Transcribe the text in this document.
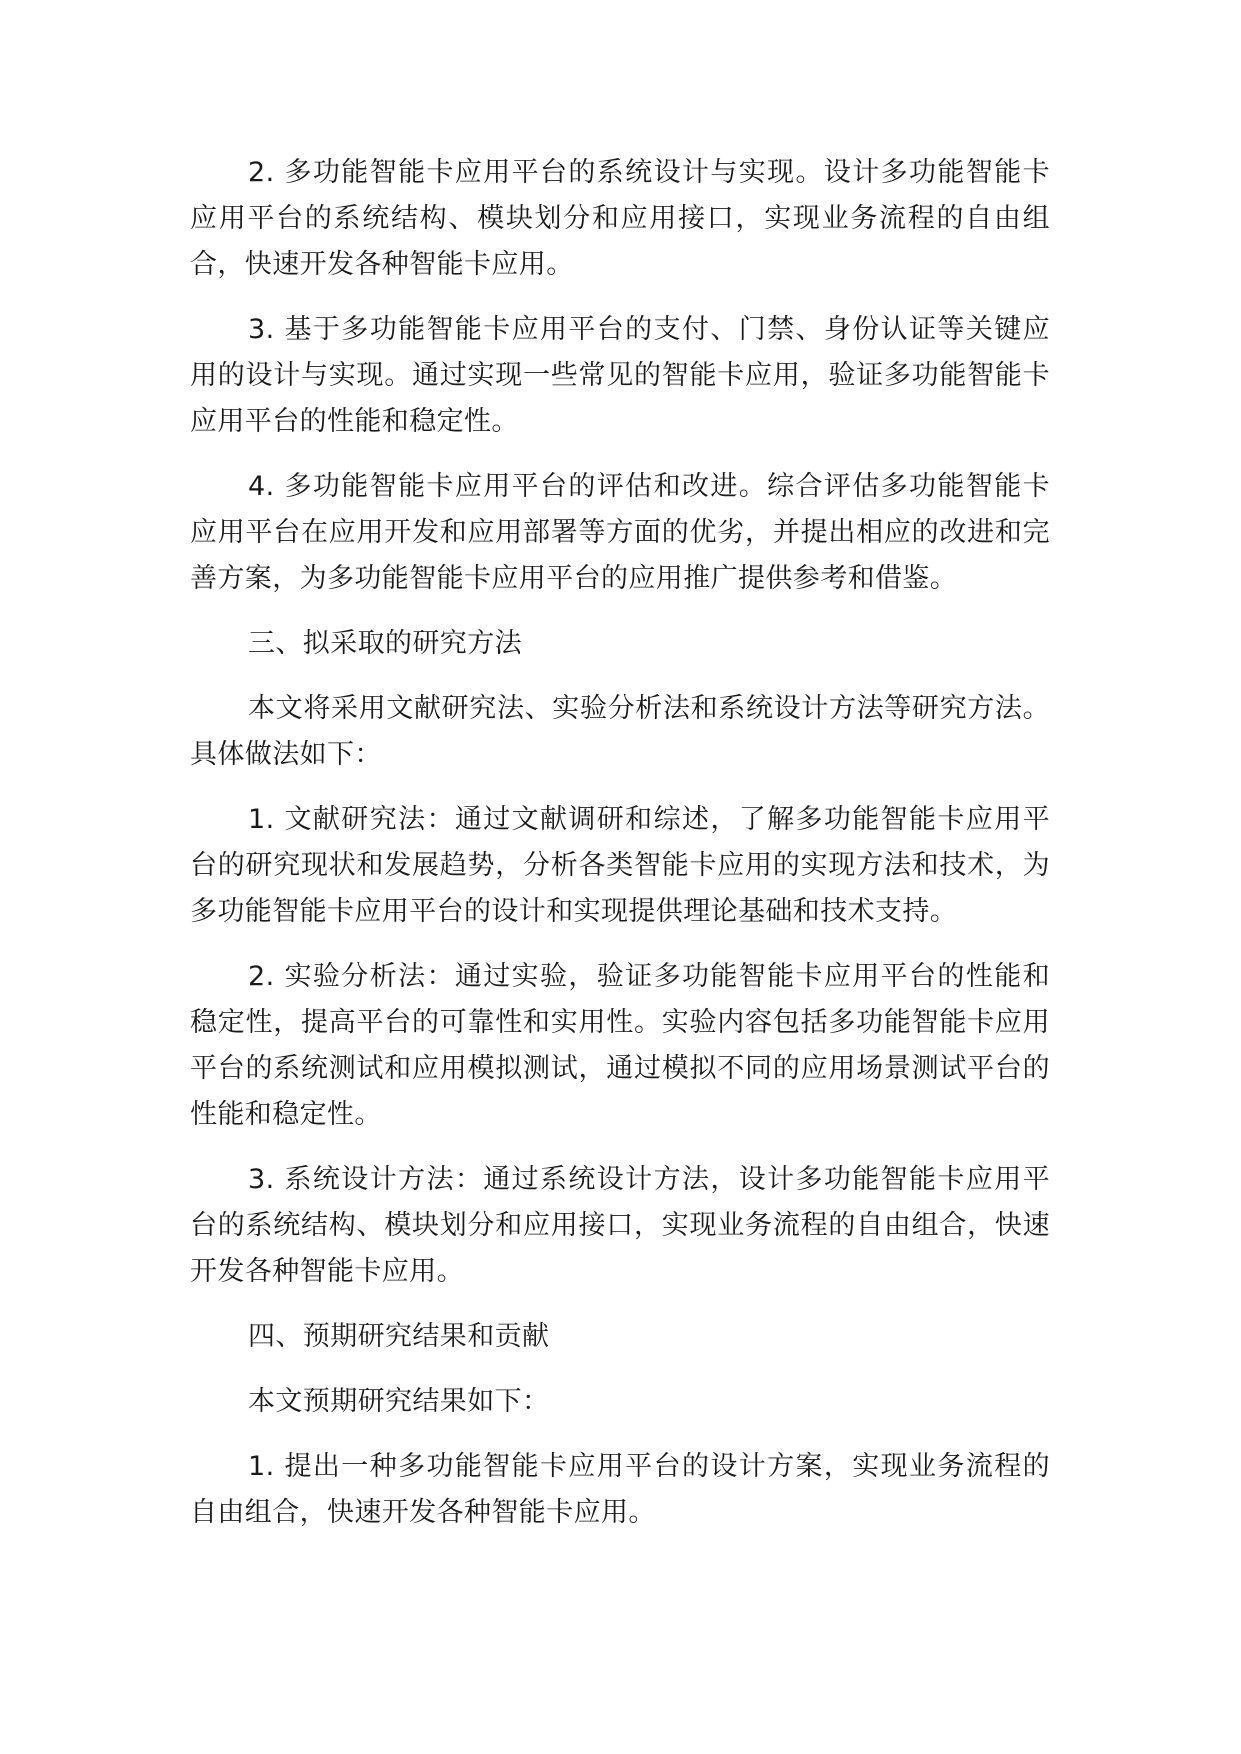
2. 多功能智能卡应用平台的系统设计与实现。设计多功能智能卡应用平台的系统结构、模块划分和应用接口，实现业务流程的自由组合，快速开发各种智能卡应用。

3. 基于多功能智能卡应用平台的支付、门禁、身份认证等关键应用的设计与实现。通过实现一些常见的智能卡应用，验证多功能智能卡应用平台的性能和稳定性。

4. 多功能智能卡应用平台的评估和改进。综合评估多功能智能卡应用平台在应用开发和应用部署等方面的优劣，并提出相应的改进和完善方案，为多功能智能卡应用平台的应用推广提供参考和借鉴。

三、拟采取的研究方法

本文将采用文献研究法、实验分析法和系统设计方法等研究方法。具体做法如下：

1. 文献研究法：通过文献调研和综述，了解多功能智能卡应用平台的研究现状和发展趋势，分析各类智能卡应用的实现方法和技术，为多功能智能卡应用平台的设计和实现提供理论基础和技术支持。

2. 实验分析法：通过实验，验证多功能智能卡应用平台的性能和稳定性，提高平台的可靠性和实用性。实验内容包括多功能智能卡应用平台的系统测试和应用模拟测试，通过模拟不同的应用场景测试平台的性能和稳定性。

3. 系统设计方法：通过系统设计方法，设计多功能智能卡应用平台的系统结构、模块划分和应用接口，实现业务流程的自由组合，快速开发各种智能卡应用。

四、预期研究结果和贡献

本文预期研究结果如下：

1. 提出一种多功能智能卡应用平台的设计方案，实现业务流程的自由组合，快速开发各种智能卡应用。
